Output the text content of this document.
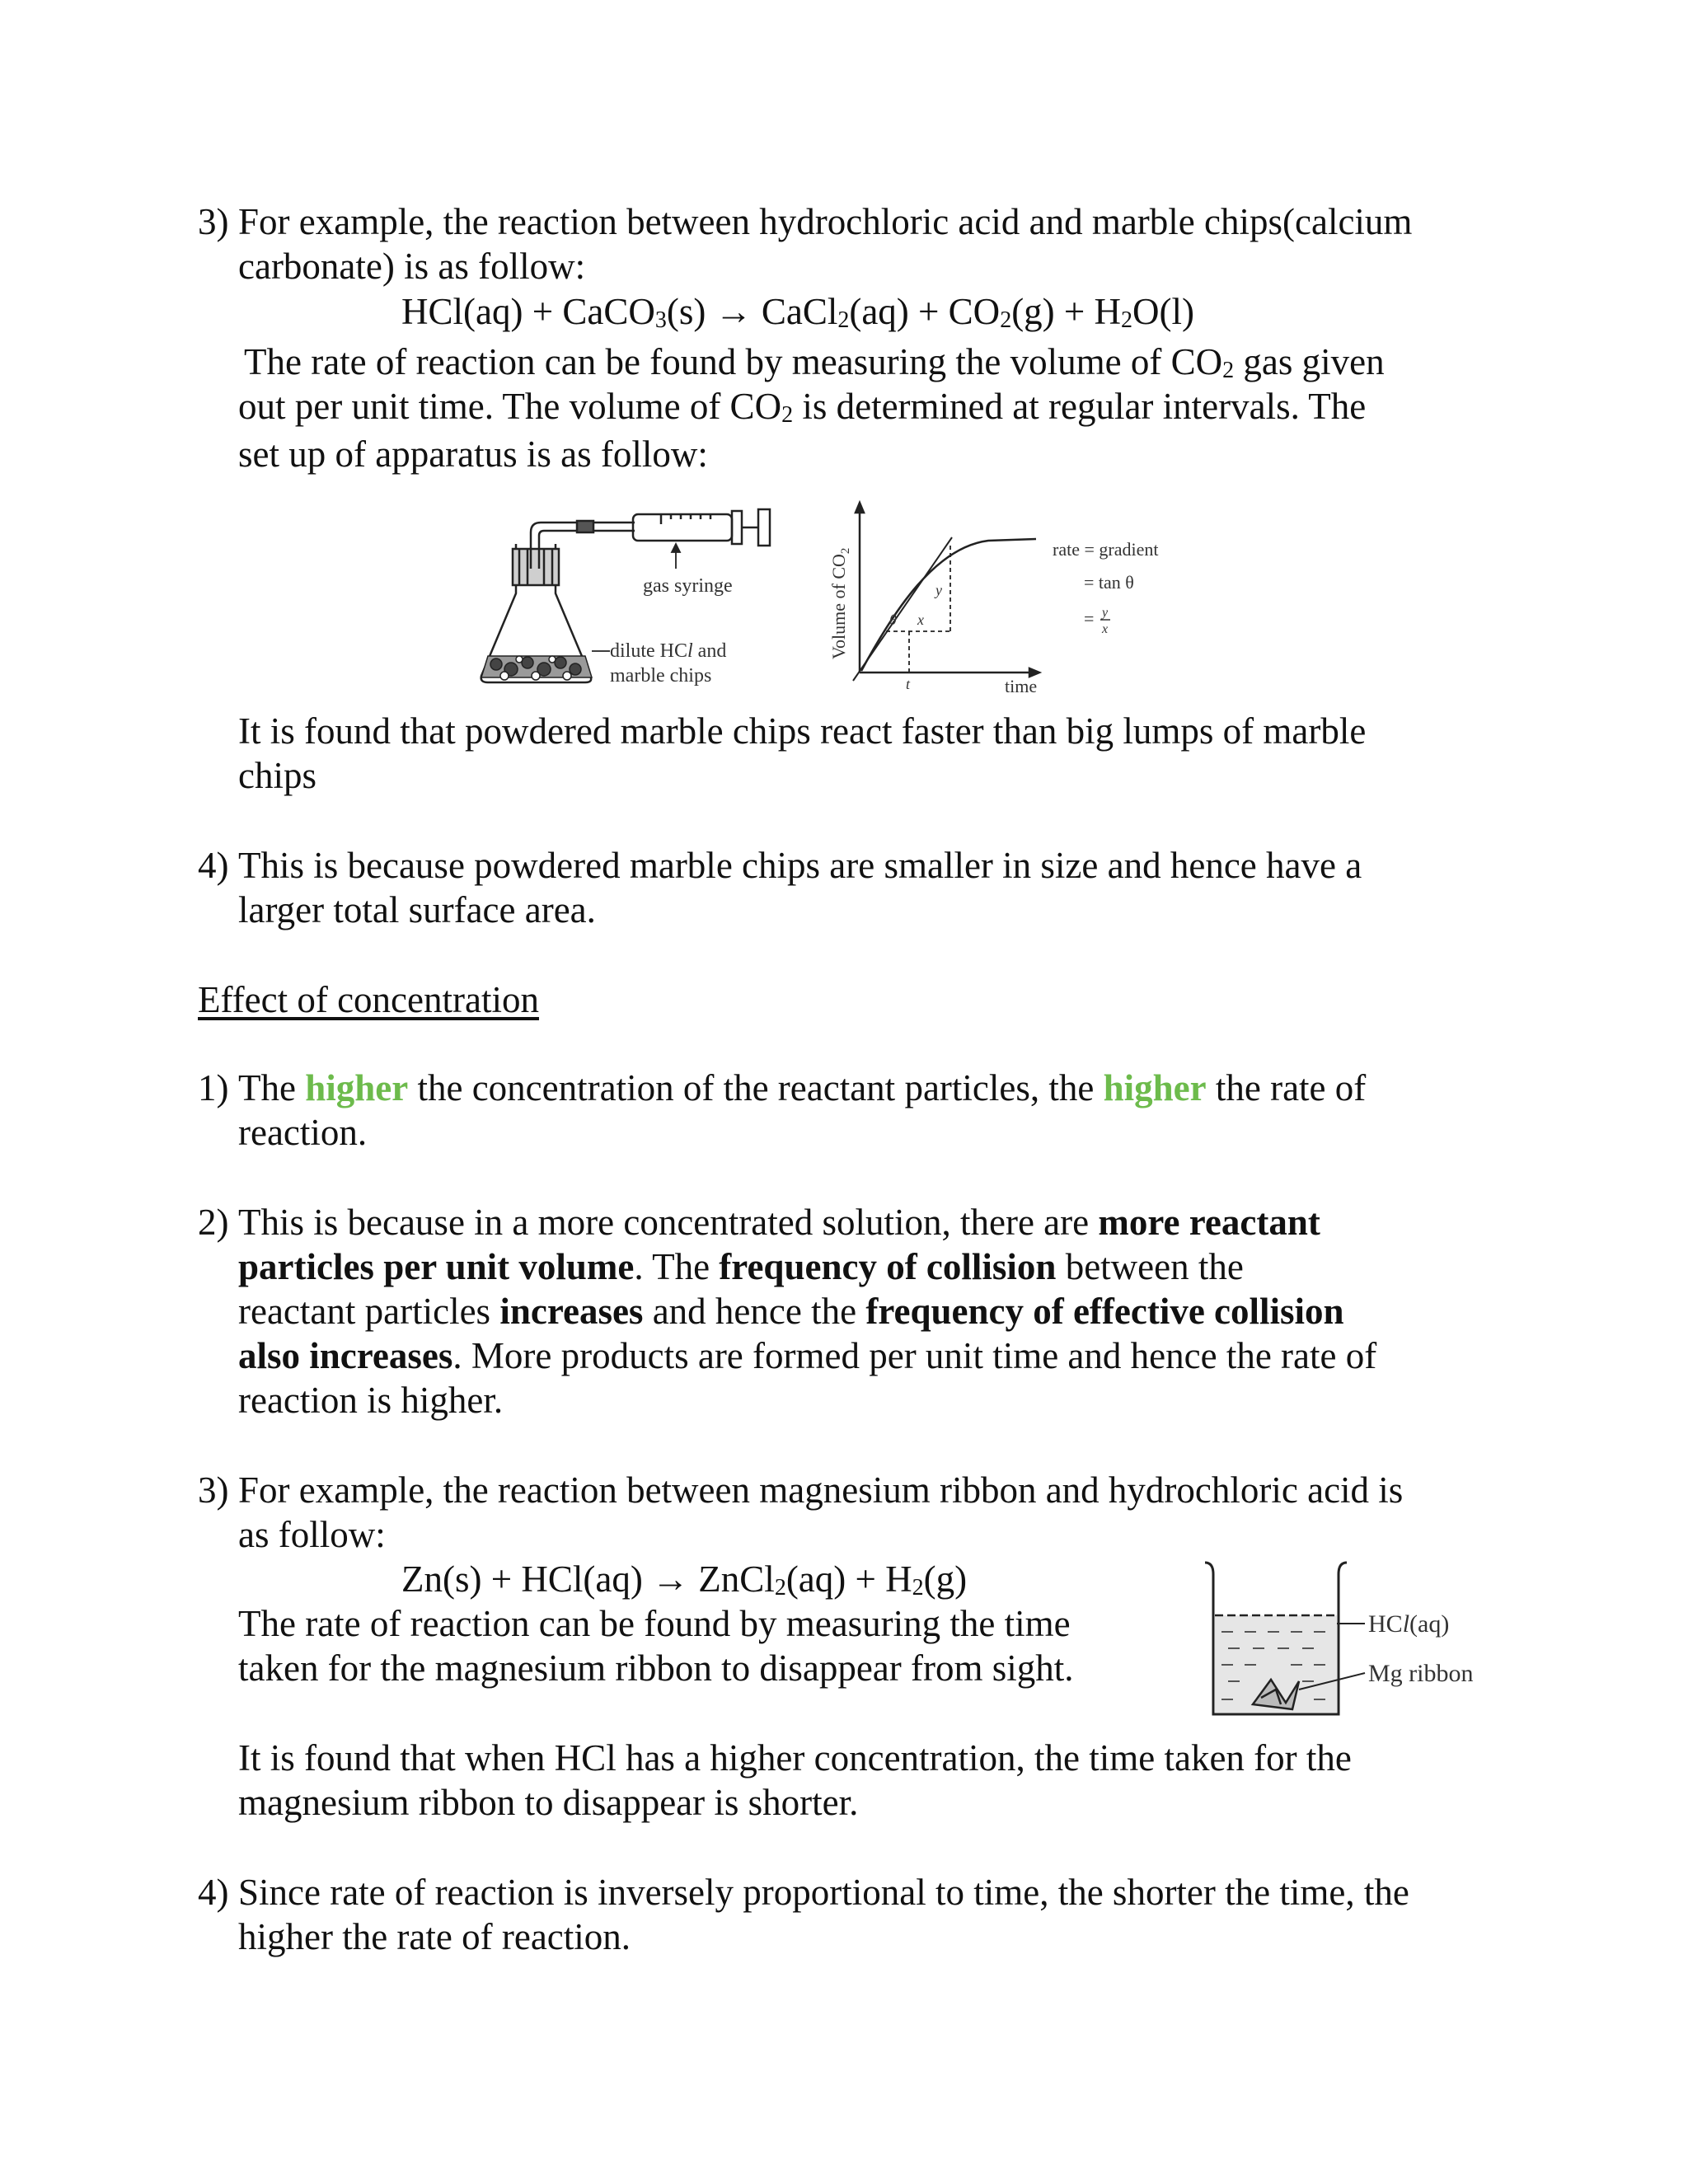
3) For example, the reaction between hydrochloric acid and marble chips(calcium
carbonate) is as follow:
HCl(aq) + CaCO$_3$(s) → CaCl$_2$(aq) + $CO_2(g) + H_2O(l)$
The rate of reaction can be found by measuring the volume of $CO_2$ gas given
out per unit time. The volume of $CO_2$ is determined at regular intervals. The
set up of apparatus is as follow:
gas syringe
dilute HCl and
marble chips
Volume of $CO_2$
θ x
y
t	time
rate = gradient
= tan θ
= y
x
It is found that powdered marble chips react faster than big lumps of marble
chips
4) This is because powdered marble chips are smaller in size and hence have a
larger total surface area.
Effect of concentration
1) The higher the concentration of the reactant particles, the higher the rate of
reaction.
2) This is because in a more concentrated solution, there are more reactant
particles per unit volume. The frequency of collision between the
reactant particles increases and hence the frequency of effective collision
also increases. More products are formed per unit time and hence the rate of
reaction is higher.
3) For example, the reaction between magnesium ribbon and hydrochloric acid is
as follow:
Zn(s) + HCl(aq) → ZnCl$_2$(aq) + $H_2(g)$
The rate of reaction can be found by measuring the time
taken for the magnesium ribbon to disappear from sight.
HCl(aq)
Mg ribbon
It is found that when HCl has a higher concentration, the time taken for the
magnesium ribbon to disappear is shorter.
4) Since rate of reaction is inversely proportional to time, the shorter the time, the
higher the rate of reaction.
